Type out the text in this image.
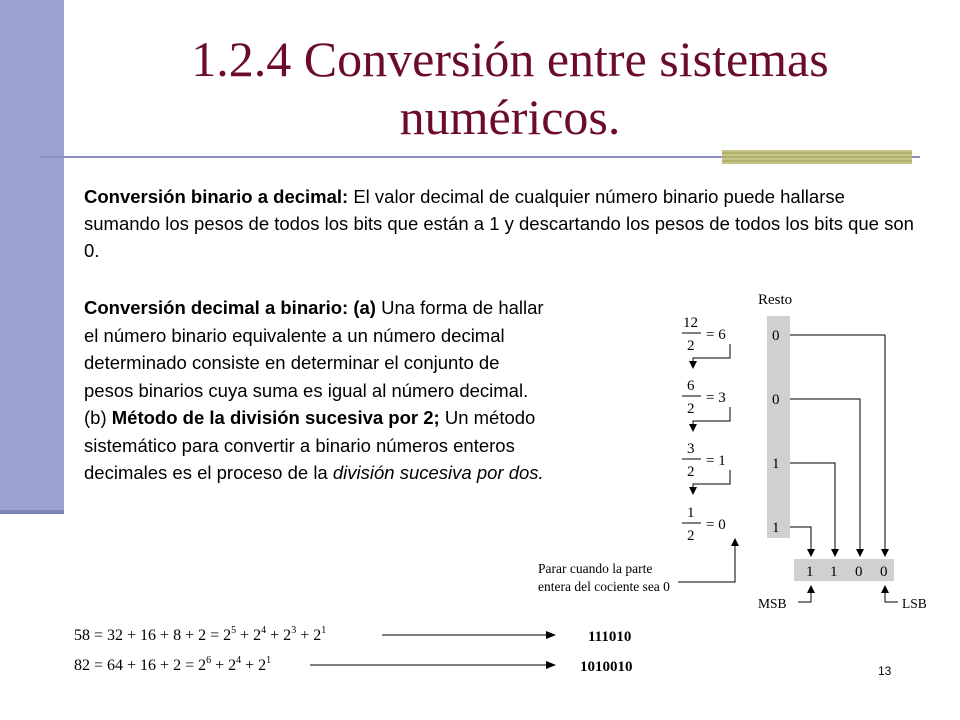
1.2.4 Conversión entre sistemas numéricos.
Conversión binario a decimal: El valor decimal de cualquier número binario puede hallarse sumando los pesos de todos los bits que están a 1 y descartando los pesos de todos los bits que son 0.
Conversión decimal a binario: (a) Una forma de hallar el número binario equivalente a un número decimal determinado consiste en determinar el conjunto de pesos binarios cuya suma es igual al número decimal. (b) Método de la división sucesiva por 2; Un método sistemático para convertir a binario números enteros decimales es el proceso de la división sucesiva por dos.
Resto
12
2
= 6
6
2
= 3
3
2
= 1
1
2
= 0
0
0
1
1
1 1 0 0
Parar cuando la parte
entera del cociente sea 0
MSB	LSB
$58 = 32 + 16 + 8 + 2 = 2^5 + 2^4 + 2^3 + 2^1$	111010
$82 = 64 + 16 + 2 = 2^6 + 2^4 + 2^1$	1010010	13
